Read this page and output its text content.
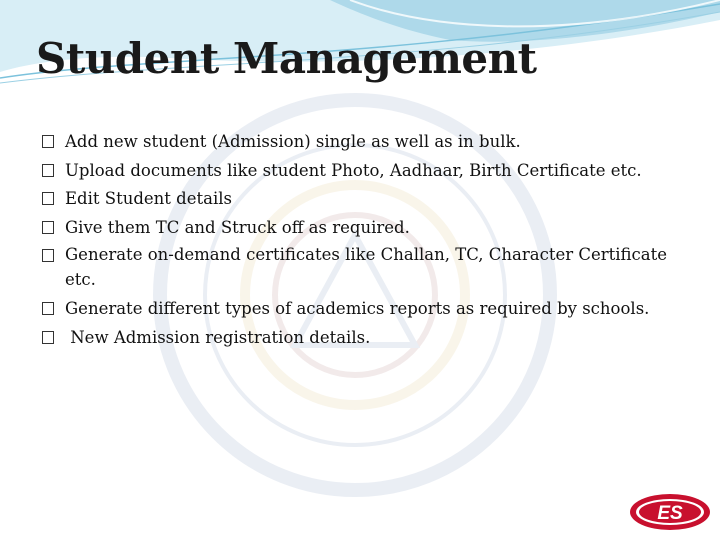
Student Management
Add new student (Admission) single as well as in bulk.
Upload documents like student Photo, Aadhaar, Birth Certificate etc.
Edit Student details
Give them TC and Struck off as required.
Generate on-demand certificates like Challan, TC, Character Certificate etc.
Generate different types of academics reports as required by schools.
New Admission registration details.
ES
